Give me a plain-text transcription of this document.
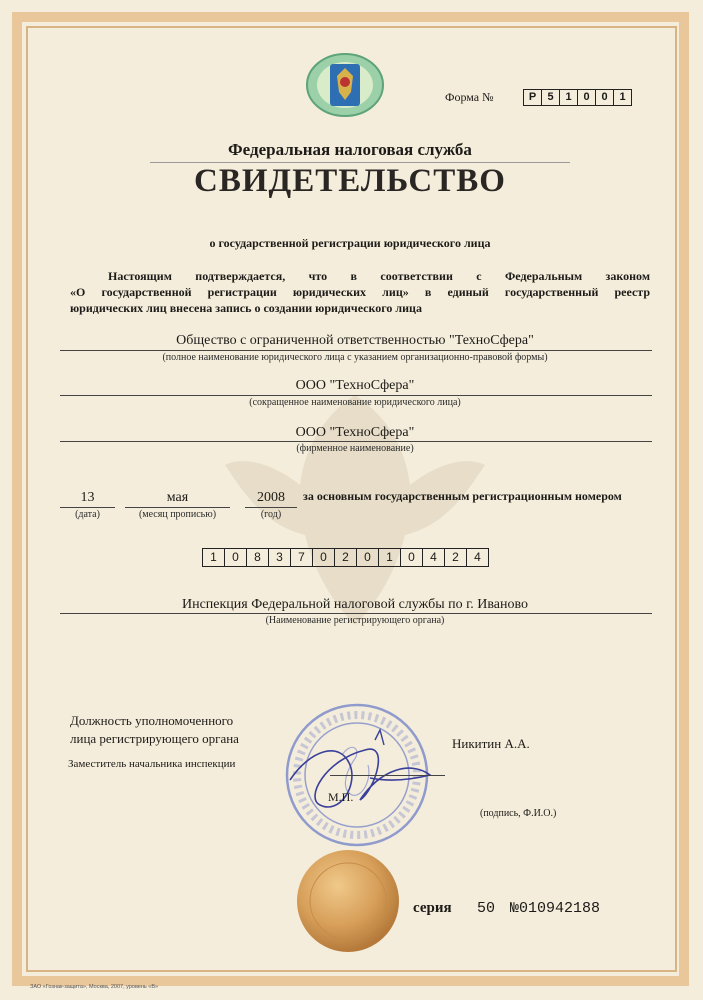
Форма №	Р	5	1	0	0	1
Федеральная налоговая служба
СВИДЕТЕЛЬСТВО
о государственной регистрации юридического лица
Настоящим подтверждается, что в соответствии с Федеральным законом
«О государственной регистрации юридических лиц» в единый государственный реестр
юридических лиц внесена запись о создании юридического лица
Общество с ограниченной ответственностью "ТехноСфера"
(полное наименование юридического лица с указанием организационно-правовой формы)
ООО "ТехноСфера"
(сокращенное наименование юридического лица)
ООО "ТехноСфера"
(фирменное наименование)
13
(дата)
мая
(месяц прописью)
2008
(год)
за основным государственным регистрационным номером
1	0	8	3	7	0	2	0	1	0	4	2	4
Инспекция Федеральной налоговой службы по г. Иваново
(Наименование регистрирующего органа)
Должность уполномоченного
лица регистрирующего органа
Заместитель начальника инспекции
М.П.
Никитин А.А.
(подпись, Ф.И.О.)
серия 50 №010942188
ЗАО «Гознак-защита», Москва, 2007, уровень «В»
